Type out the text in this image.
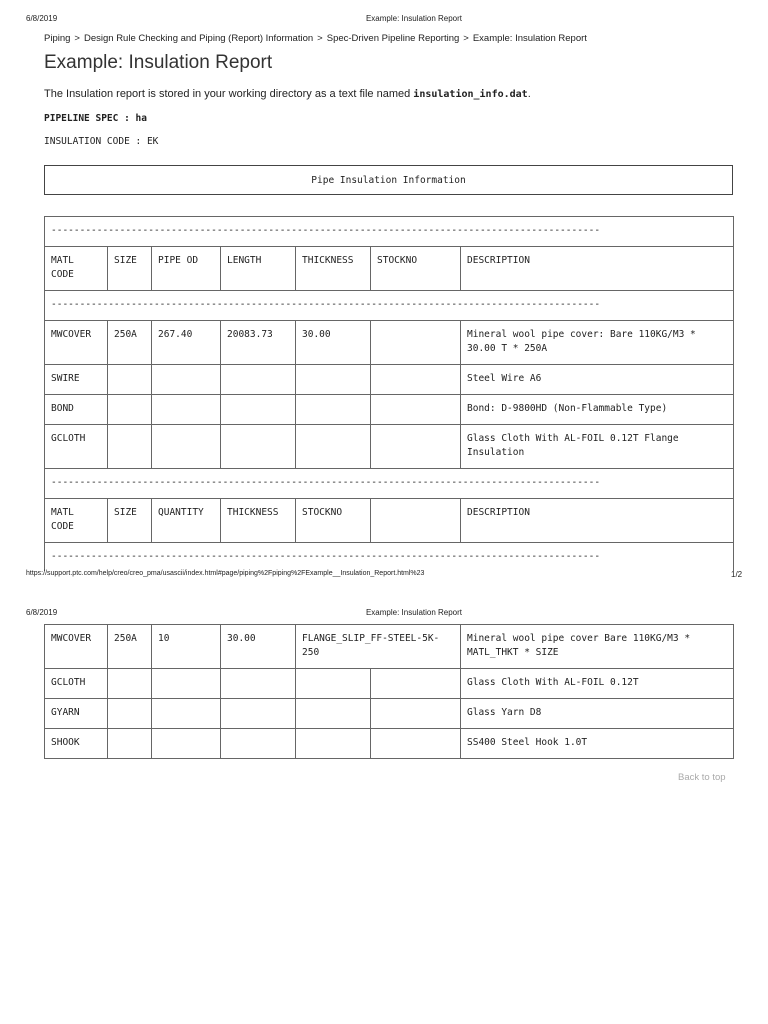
6/8/2019	Example: Insulation Report
Piping > Design Rule Checking and Piping (Report) Information > Spec-Driven Pipeline Reporting > Example: Insulation Report
Example: Insulation Report

The Insulation report is stored in your working directory as a text file named insulation_info.dat.

PIPELINE SPEC : ha
INSULATION CODE : EK
Pipe Insulation Information
------------------------------------------------------------------------------------------------						
MATL CODE	SIZE	PIPE OD	LENGTH	THICKNESS	STOCKNO	DESCRIPTION
------------------------------------------------------------------------------------------------						
MWCOVER	250A	267.40	20083.73	30.00		Mineral wool pipe cover: Bare 110KG/M3 * 30.00 T * 250A
SWIRE						Steel Wire A6
BOND						Bond: D-9800HD (Non-Flammable Type)
GCLOTH						Glass Cloth With AL-FOIL 0.12T Flange Insulation
------------------------------------------------------------------------------------------------						
MATL CODE	SIZE	QUANTITY	THICKNESS	STOCKNO		DESCRIPTION
------------------------------------------------------------------------------------------------						
https://support.ptc.com/help/creo/creo_pma/usascii/index.html#page/piping%2Fpiping%2FExample__Insulation_Report.html%23	1/2
6/8/2019	Example: Insulation Report
MWCOVER	250A	10	30.00	FLANGE_SLIP_FF-STEEL-5K-250		Mineral wool pipe cover Bare 110KG/M3 * MATL_THKT * SIZE
GCLOTH						Glass Cloth With AL-FOIL 0.12T
GYARN						Glass Yarn D8
SHOOK						SS400 Steel Hook 1.0T
Back to top
